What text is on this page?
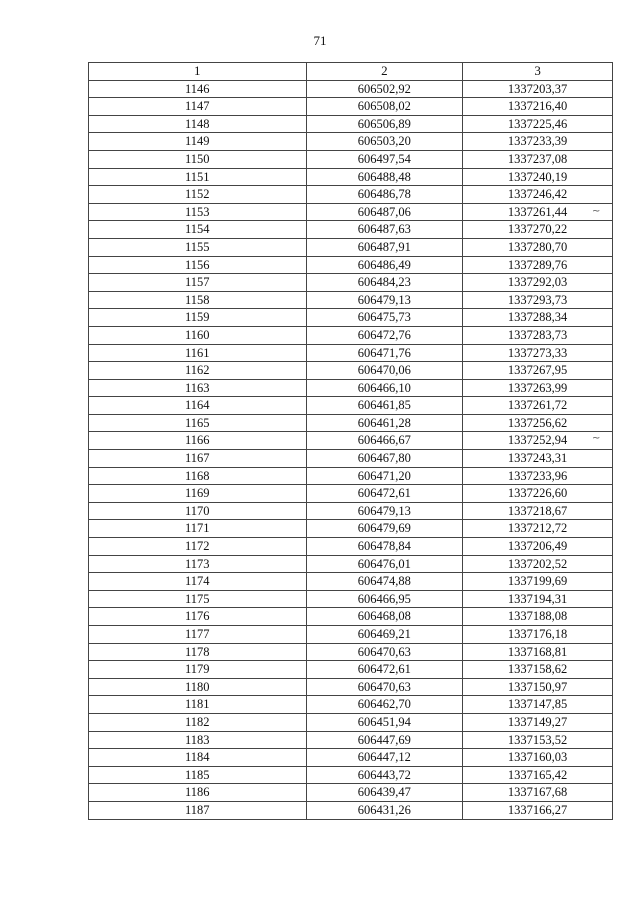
71
1	2	3
1146	606502,92	1337203,37
1147	606508,02	1337216,40
1148	606506,89	1337225,46
1149	606503,20	1337233,39
1150	606497,54	1337237,08
1151	606488,48	1337240,19
1152	606486,78	1337246,42
1153	606487,06	1337261,44
1154	606487,63	1337270,22
1155	606487,91	1337280,70
1156	606486,49	1337289,76
1157	606484,23	1337292,03
1158	606479,13	1337293,73
1159	606475,73	1337288,34
1160	606472,76	1337283,73
1161	606471,76	1337273,33
1162	606470,06	1337267,95
1163	606466,10	1337263,99
1164	606461,85	1337261,72
1165	606461,28	1337256,62
1166	606466,67	1337252,94
1167	606467,80	1337243,31
1168	606471,20	1337233,96
1169	606472,61	1337226,60
1170	606479,13	1337218,67
1171	606479,69	1337212,72
1172	606478,84	1337206,49
1173	606476,01	1337202,52
1174	606474,88	1337199,69
1175	606466,95	1337194,31
1176	606468,08	1337188,08
1177	606469,21	1337176,18
1178	606470,63	1337168,81
1179	606472,61	1337158,62
1180	606470,63	1337150,97
1181	606462,70	1337147,85
1182	606451,94	1337149,27
1183	606447,69	1337153,52
1184	606447,12	1337160,03
1185	606443,72	1337165,42
1186	606439,47	1337167,68
1187	606431,26	1337166,27
~
~
